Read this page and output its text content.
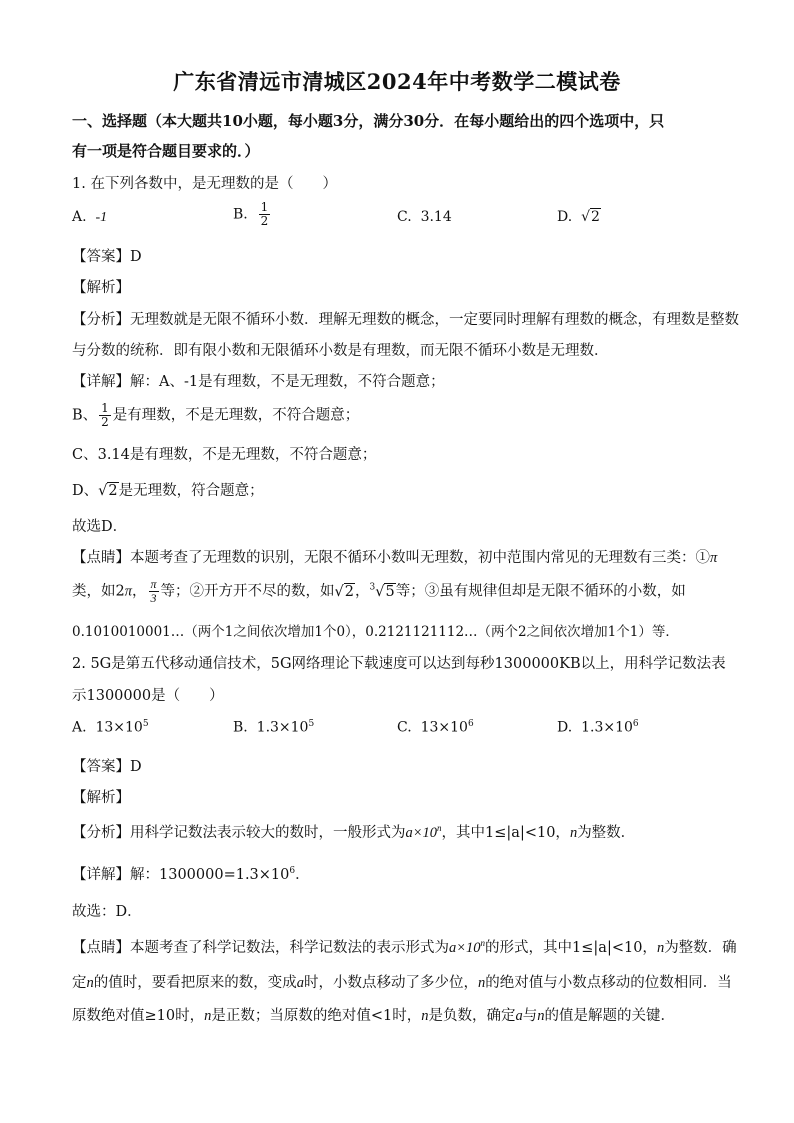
广东省清远市清城区2024年中考数学二模试卷
一、选择题（本大题共10小题，每小题3分，满分30分．在每小题给出的四个选项中，只
有一项是符合题目要求的．）
1. 在下列各数中，是无理数的是（　　）
A. -1	B. $\frac{1}{2}$	C. 3.14	D. √2
【答案】D
【解析】
【分析】无理数就是无限不循环小数．理解无理数的概念，一定要同时理解有理数的概念，有理数是整数
与分数的统称．即有限小数和无限循环小数是有理数，而无限不循环小数是无理数．
【详解】解：A、-1是有理数，不是无理数，不符合题意；
B、 $\frac{1}{2}$ 是有理数，不是无理数，不符合题意；
C、3.14是有理数，不是无理数，不符合题意；
D、√2是无理数，符合题意；
故选D．
【点睛】本题考查了无理数的识别，无限不循环小数叫无理数，初中范围内常见的无理数有三类：①π
类，如2π， $\frac{\pi}{3}$ 等；②开方开不尽的数，如√2，$^3$√5等；③虽有规律但却是无限不循环的小数，如
0.1010010001…（两个1之间依次增加1个0），0.2121121112…（两个2之间依次增加1个1）等．
2. 5G是第五代移动通信技术，5G网络理论下载速度可以达到每秒1300000KB以上，用科学记数法表
示1300000是（　　）
A. $13\times 10^5$	B. $1.3\times 10^5$	C. $13\times 10^6$	D. $1.3\times 10^6$
【答案】D
【解析】
【分析】用科学记数法表示较大的数时，一般形式为$a\times 10^n$，其中1≤|a|<10，n为整数．
【详解】解：$1300000=1.3\times 10^6$．
故选：D．
【点睛】本题考查了科学记数法，科学记数法的表示形式为$a\times 10^n$的形式，其中1≤|a|<10，n为整数．确
定n的值时，要看把原来的数，变成a时，小数点移动了多少位，n的绝对值与小数点移动的位数相同．当
原数绝对值≥10时，n是正数；当原数的绝对值<1时，n是负数，确定a与n的值是解题的关键．
